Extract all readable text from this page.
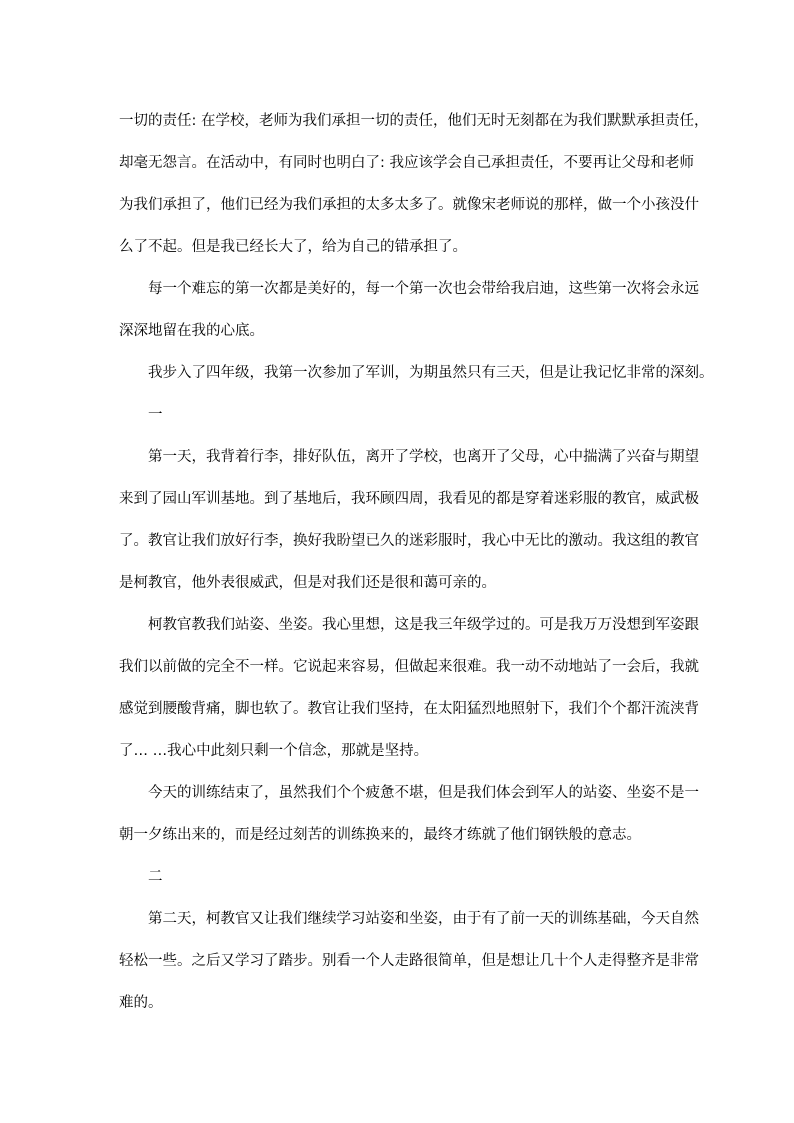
一切的责任: 在学校，老师为我们承担一切的责任，他们无时无刻都在为我们默默承担责任，
却毫无怨言。在活动中，有同时也明白了: 我应该学会自己承担责任，不要再让父母和老师
为我们承担了，他们已经为我们承担的太多太多了。就像宋老师说的那样，做一个小孩没什
么了不起。但是我已经长大了，给为自己的错承担了。
每一个难忘的第一次都是美好的，每一个第一次也会带给我启迪，这些第一次将会永远
深深地留在我的心底。
我步入了四年级，我第一次参加了军训，为期虽然只有三天，但是让我记忆非常的深刻。
一
第一天，我背着行李，排好队伍，离开了学校，也离开了父母，心中揣满了兴奋与期望
来到了园山军训基地。到了基地后，我环顾四周，我看见的都是穿着迷彩服的教官，威武极
了。教官让我们放好行李，换好我盼望已久的迷彩服时，我心中无比的激动。我这组的教官
是柯教官，他外表很威武，但是对我们还是很和蔼可亲的。
柯教官教我们站姿、坐姿。我心里想，这是我三年级学过的。可是我万万没想到军姿跟
我们以前做的完全不一样。它说起来容易，但做起来很难。我一动不动地站了一会后，我就
感觉到腰酸背痛，脚也软了。教官让我们坚持，在太阳猛烈地照射下，我们个个都汗流浃背
了… …我心中此刻只剩一个信念，那就是坚持。
今天的训练结束了，虽然我们个个疲惫不堪，但是我们体会到军人的站姿、坐姿不是一
朝一夕练出来的，而是经过刻苦的训练换来的，最终才练就了他们钢铁般的意志。
二
第二天，柯教官又让我们继续学习站姿和坐姿，由于有了前一天的训练基础，今天自然
轻松一些。之后又学习了踏步。别看一个人走路很简单，但是想让几十个人走得整齐是非常
难的。
